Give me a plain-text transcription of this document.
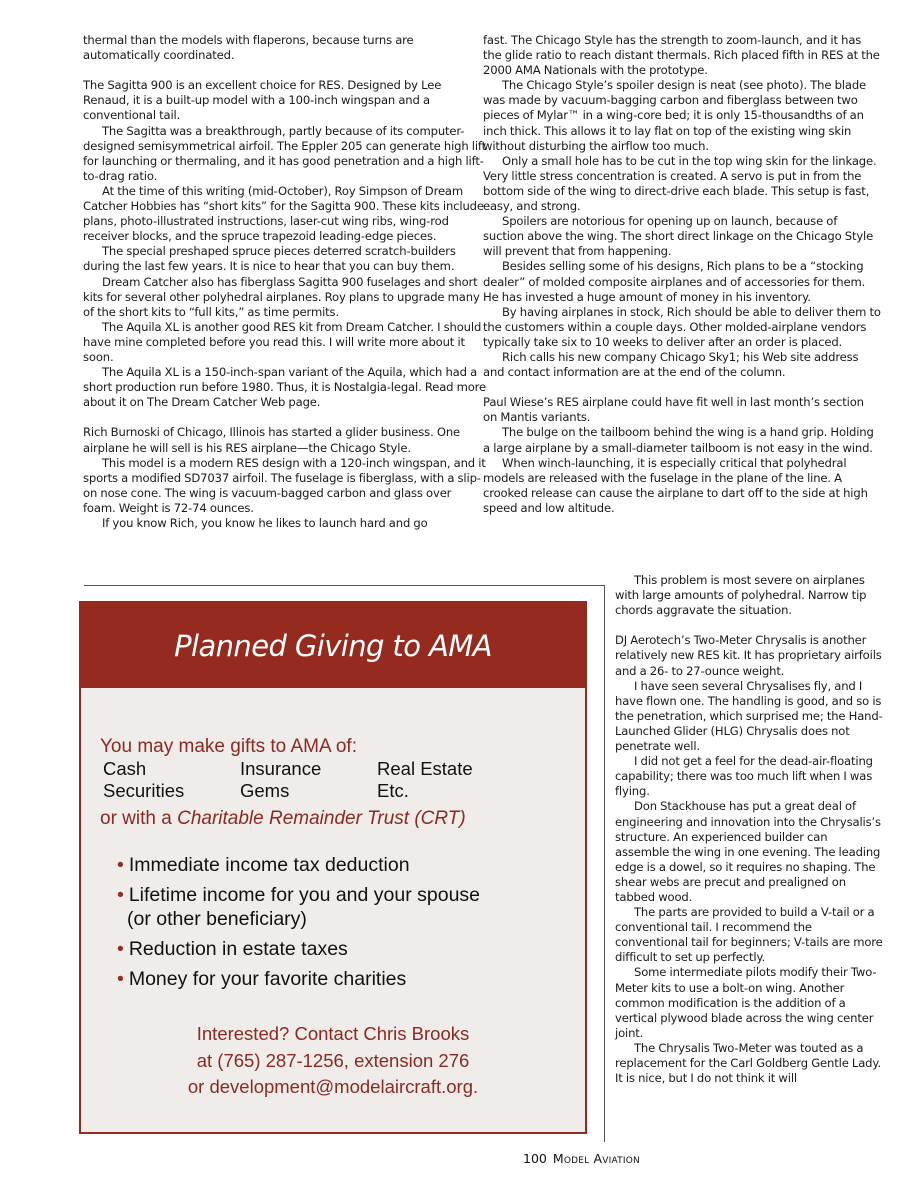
thermal than the models with flaperons, because turns are automatically coordinated.

The Sagitta 900 is an excellent choice for RES. Designed by Lee Renaud, it is a built-up model with a 100-inch wingspan and a conventional tail.

The Sagitta was a breakthrough, partly because of its computer-designed semisymmetrical airfoil. The Eppler 205 can generate high lift for launching or thermaling, and it has good penetration and a high lift-to-drag ratio.

At the time of this writing (mid-October), Roy Simpson of Dream Catcher Hobbies has “short kits” for the Sagitta 900. These kits include plans, photo-illustrated instructions, laser-cut wing ribs, wing-rod receiver blocks, and the spruce trapezoid leading-edge pieces.

The special preshaped spruce pieces deterred scratch-builders during the last few years. It is nice to hear that you can buy them.

Dream Catcher also has fiberglass Sagitta 900 fuselages and short kits for several other polyhedral airplanes. Roy plans to upgrade many of the short kits to “full kits,” as time permits.

The Aquila XL is another good RES kit from Dream Catcher. I should have mine completed before you read this. I will write more about it soon.

The Aquila XL is a 150-inch-span variant of the Aquila, which had a short production run before 1980. Thus, it is Nostalgia-legal. Read more about it on The Dream Catcher Web page.

Rich Burnoski of Chicago, Illinois has started a glider business. One airplane he will sell is his RES airplane—the Chicago Style.

This model is a modern RES design with a 120-inch wingspan, and it sports a modified SD7037 airfoil. The fuselage is fiberglass, with a slip-on nose cone. The wing is vacuum-bagged carbon and glass over foam. Weight is 72-74 ounces.

If you know Rich, you know he likes to launch hard and go

fast. The Chicago Style has the strength to zoom-launch, and it has the glide ratio to reach distant thermals. Rich placed fifth in RES at the 2000 AMA Nationals with the prototype.

The Chicago Style’s spoiler design is neat (see photo). The blade was made by vacuum-bagging carbon and fiberglass between two pieces of Mylar™ in a wing-core bed; it is only 15-thousandths of an inch thick. This allows it to lay flat on top of the existing wing skin without disturbing the airflow too much.

Only a small hole has to be cut in the top wing skin for the linkage. Very little stress concentration is created. A servo is put in from the bottom side of the wing to direct-drive each blade. This setup is fast, easy, and strong.

Spoilers are notorious for opening up on launch, because of suction above the wing. The short direct linkage on the Chicago Style will prevent that from happening.

Besides selling some of his designs, Rich plans to be a “stocking dealer” of molded composite airplanes and of accessories for them. He has invested a huge amount of money in his inventory.

By having airplanes in stock, Rich should be able to deliver them to the customers within a couple days. Other molded-airplane vendors typically take six to 10 weeks to deliver after an order is placed.

Rich calls his new company Chicago Sky1; his Web site address and contact information are at the end of the column.

Paul Wiese’s RES airplane could have fit well in last month’s section on Mantis variants.

The bulge on the tailboom behind the wing is a hand grip. Holding a large airplane by a small-diameter tailboom is not easy in the wind.

When winch-launching, it is especially critical that polyhedral models are released with the fuselage in the plane of the line. A crooked release can cause the airplane to dart off to the side at high speed and low altitude.

This problem is most severe on airplanes with large amounts of polyhedral. Narrow tip chords aggravate the situation.

DJ Aerotech’s Two-Meter Chrysalis is another relatively new RES kit. It has proprietary airfoils and a 26- to 27-ounce weight.

I have seen several Chrysalises fly, and I have flown one. The handling is good, and so is the penetration, which surprised me; the Hand-Launched Glider (HLG) Chrysalis does not penetrate well.

I did not get a feel for the dead-air-floating capability; there was too much lift when I was flying.

Don Stackhouse has put a great deal of engineering and innovation into the Chrysalis’s structure. An experienced builder can assemble the wing in one evening. The leading edge is a dowel, so it requires no shaping. The shear webs are precut and prealigned on tabbed wood.

The parts are provided to build a V-tail or a conventional tail. I recommend the conventional tail for beginners; V-tails are more difficult to set up perfectly.

Some intermediate pilots modify their Two-Meter kits to use a bolt-on wing. Another common modification is the addition of a vertical plywood blade across the wing center joint.

The Chrysalis Two-Meter was touted as a replacement for the Carl Goldberg Gentle Lady. It is nice, but I do not think it will

Planned Giving to AMA
You may make gifts to AMA of:
Cash	Insurance	Real Estate
Securities	Gems	Etc.
or with a Charitable Remainder Trust (CRT)
• Immediate income tax deduction
• Lifetime income for you and your spouse
(or other beneficiary)
• Reduction in estate taxes
• Money for your favorite charities
Interested? Contact Chris Brooks
at (765) 287-1256, extension 276
or development@modelaircraft.org.
100 Model Aviation
